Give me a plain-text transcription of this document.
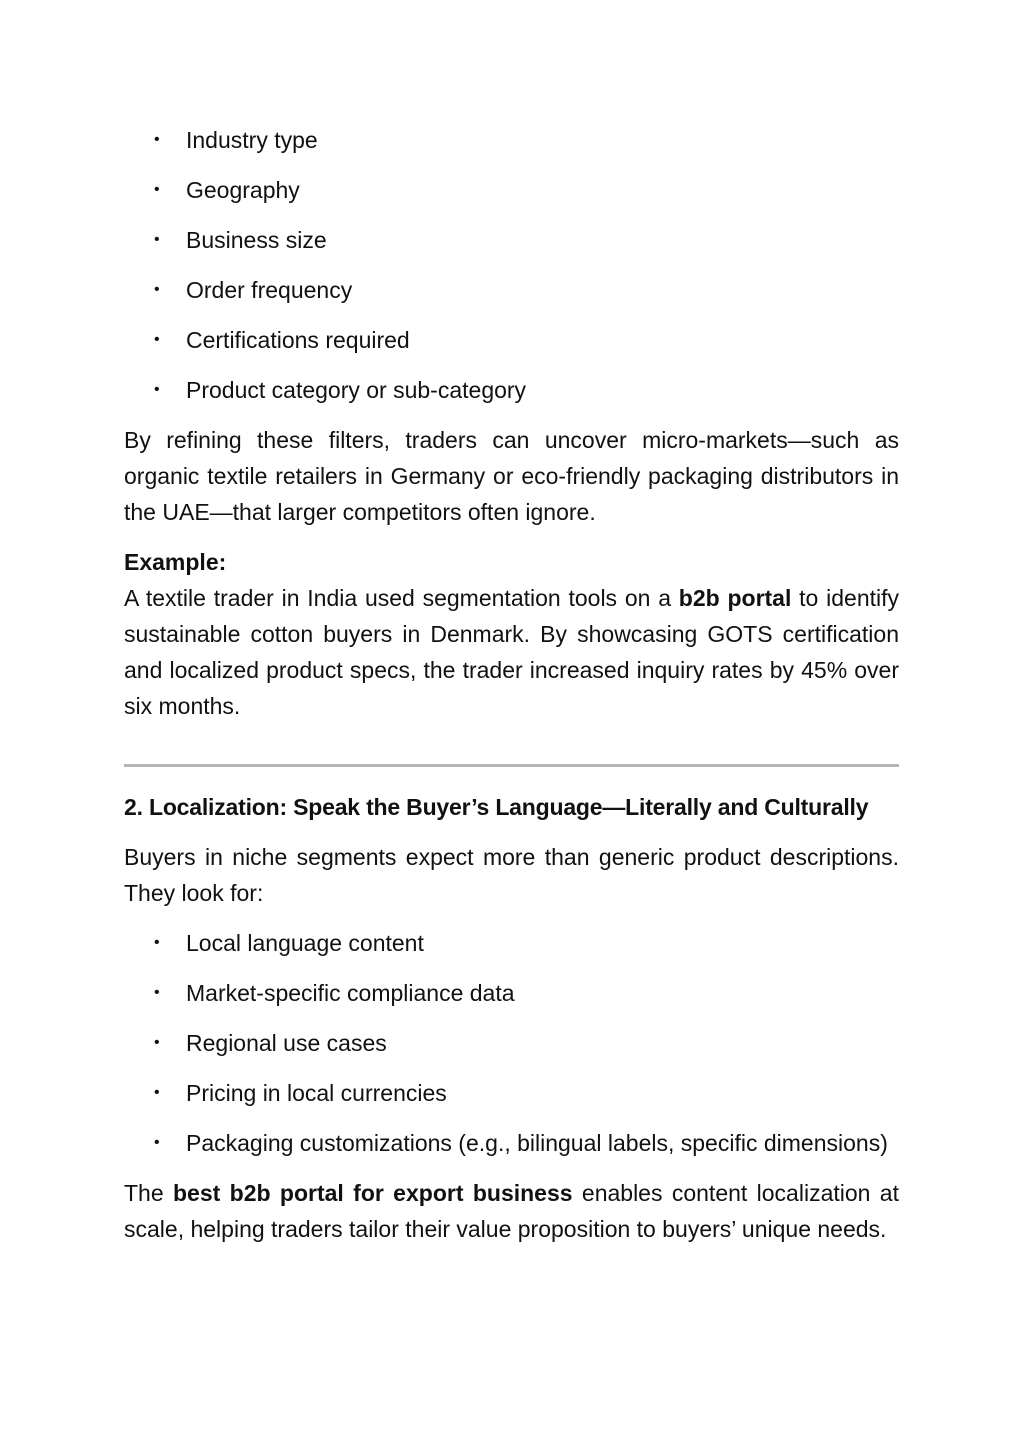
• Industry type
• Geography
• Business size
• Order frequency
• Certifications required
• Product category or sub-category

By refining these filters, traders can uncover micro-markets—such as organic textile retailers in Germany or eco-friendly packaging distributors in the UAE—that larger competitors often ignore.

Example:

A textile trader in India used segmentation tools on a b2b portal to identify sustainable cotton buyers in Denmark. By showcasing GOTS certification and localized product specs, the trader increased inquiry rates by 45% over six months.

2. Localization: Speak the Buyer’s Language—Literally and Culturally

Buyers in niche segments expect more than generic product descriptions. They look for:

• Local language content
• Market-specific compliance data
• Regional use cases
• Pricing in local currencies
• Packaging customizations (e.g., bilingual labels, specific dimensions)

The best b2b portal for export business enables content localization at scale, helping traders tailor their value proposition to buyers’ unique needs.
